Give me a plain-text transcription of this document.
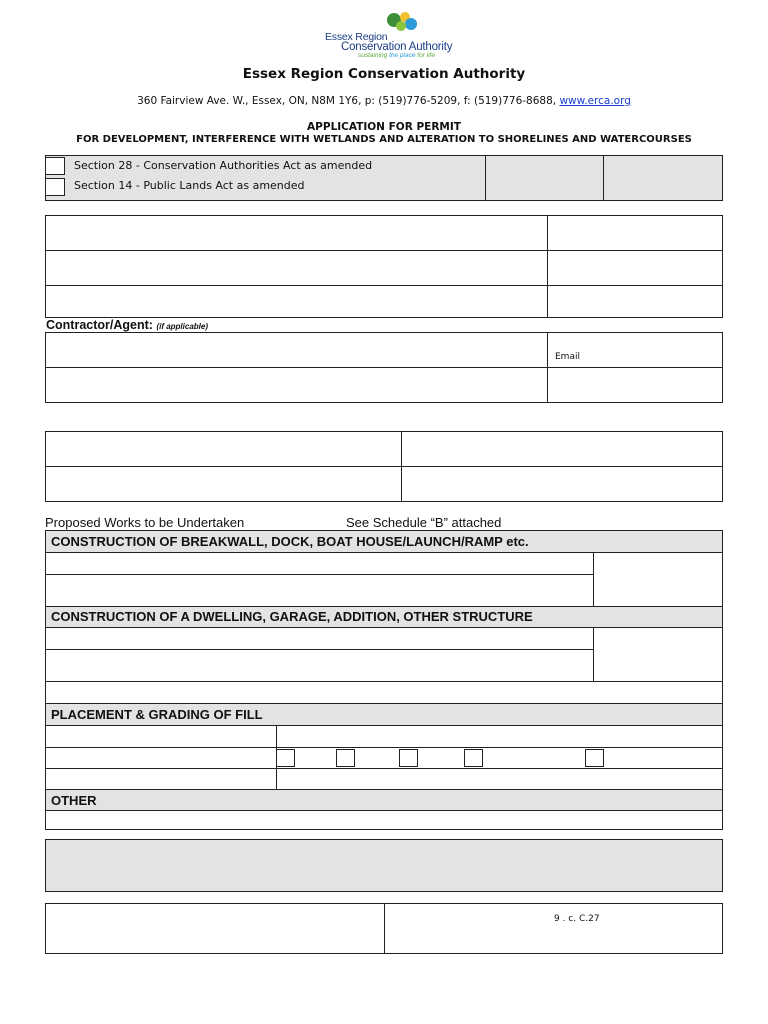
Essex Region
Conservation Authority
sustaining the place for life
Essex Region Conservation Authority
360 Fairview Ave. W., Essex, ON, N8M 1Y6, p: (519)776-5209, f: (519)776-8688, www.erca.org
APPLICATION FOR PERMIT
FOR DEVELOPMENT, INTERFERENCE WITH WETLANDS AND ALTERATION TO SHORELINES AND WATERCOURSES
Section 28 - Conservation Authorities Act as amended
Section 14 - Public Lands Act as amended
Contractor/Agent: (if applicable)
Email
Proposed Works to be Undertaken	See Schedule “B” attached
CONSTRUCTION OF BREAKWALL, DOCK, BOAT HOUSE/LAUNCH/RAMP etc.
CONSTRUCTION OF A DWELLING, GARAGE, ADDITION, OTHER STRUCTURE
PLACEMENT & GRADING OF FILL
OTHER
9 . c. C.27
